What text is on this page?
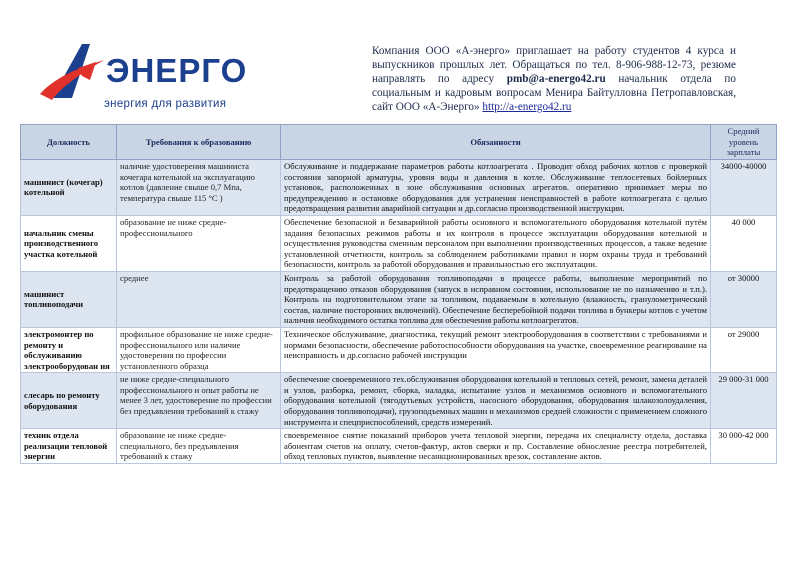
ЭНЕРГО
энергия для развития
Компания ООО «А-энерго» приглашает на работу студентов 4 курса и выпускников прошлых лет. Обращаться по тел. 8-906-988-12-73, резюме направлять по адресу pmb@a-energo42.ru начальник отдела по социальным и кадровым вопросам Менира Байтулловна Петропавловская, сайт ООО «А-Энерго» http://a-energo42.ru
Должность	Требования к образованию	Обязанности	Средний уровень зарплаты
машинист (кочегар) котельной	наличие удостоверения машиниста кочегара котельной на эксплуатацию котлов (давление свыше 0,7 Мпа, температура свыше 115 °С )	Обслуживание и поддержание параметров работы котлоагрегата . Проводит обход рабочих котлов с проверкой состояния запорной арматуры, уровня воды и давления в котле. Обслуживание теплосетевых бойлерных установок, расположенных в зоне обслуживания основных агрегатов. оперативно принимает меры по предупреждению и остановке оборудования для устранения неисправностей в работе котлоагрегата с целью предотвращения развития аварийной ситуации и др.согласно производственной инструкции.	34000-40000
начальник смены производственного участка котельной	образование не ниже средне-профессионального	Обеспечение безопасной и безаварийной работы основного и вспомогательного оборудования котельной путём задания безопасных режимов работы и их контроля в процессе эксплуатации оборудования котельной и осуществления руководства сменным персоналом при выполнении производственных процессов, а также ведение установленной отчетности, контроль за соблюдением работниками правил и норм охраны труда и требований безопасности, контроль за работой оборудования и правильностью его эксплуатации.	40 000
машинист топливоподачи	среднее	Контроль за работой оборудования топливоподачи в процессе работы, выполнение мероприятий по предотвращению отказов оборудования (запуск в исправном состоянии, использование не по назначению и т.п.). Контроль на подготовительном этапе за топливом, подаваемым в котельную (влажность, гранулометрический состав, наличие посторонних включений). Обеспечение бесперебойной подачи топлива в бункеры котлов с учетом наличия необходимого остатка топлива для обеспечения работы котлоагрегатов.	от 30000
электромонтер по ремонту и обслуживанию электрооборудован ия	профильное образование не ниже средне-профессионального или наличие удостоверения по профессии установленного образца	Техническое обслуживание, диагностика, текущий ремонт электрооборудования в соответствии с требованиями и нормами безопасности, обеспечение работоспособности оборудования на участке, своевременное реагирование на неисправность и др.согласно рабочей инструкции	от 29000
слесарь по ремонту оборудования	не ниже средне-специального профессионального и опыт работы не менее 3 лет, удостоверение по профессии без предъявления требований к стажу	обеспечение своевременного тех.обслуживания оборудования котельной и тепловых сетей, ремонт, замена деталей и узлов, разборка, ремонт, сборка, наладка, испытание узлов и механизмов основного и вспомогательного оборудования котельной (тягодутьевых устройств, насосного оборудования, оборудования шлакозолоудаления, оборудования топливоподачи), грузоподъемных машин и механизмов средней сложности с применением сложного инструмента и спецприспособлений, средств измерений.	29 000-31 000
техник отдела реализации тепловой энергии	образование не ниже средне-специального, без предъявления требований к стажу	своевременное снятие показаний приборов учета тепловой энергии, передача их специалисту отдела, доставка абонентам счетов на оплату, счетов-фактур, актов сверки и пр. Составление обносление реестра потребителей, обход тепловых пунктов, выявление несанкционированных врезок, составление актов.	30 000-42 000
